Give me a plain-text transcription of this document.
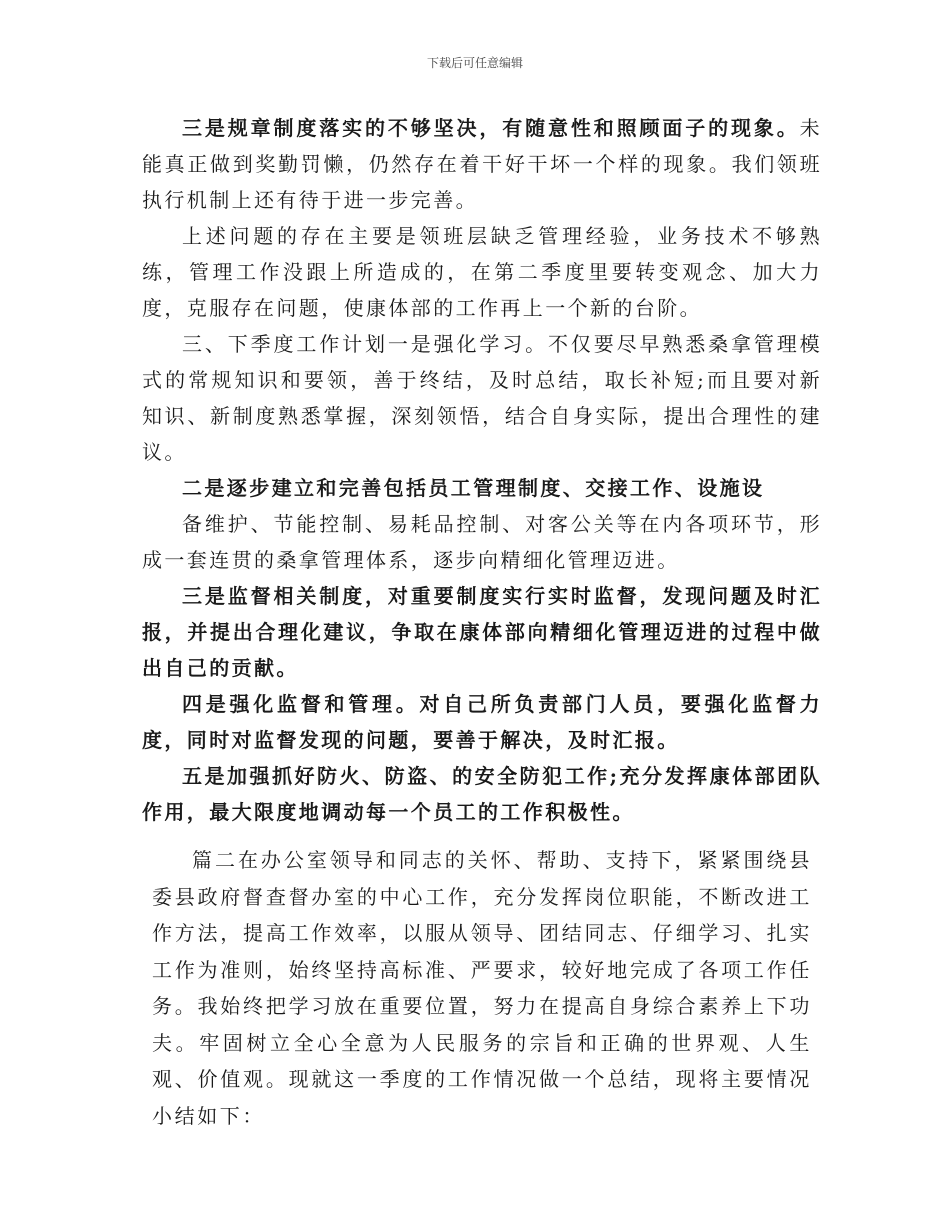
下载后可任意编辑

三是规章制度落实的不够坚决，有随意性和照顾面子的现象。未能真正做到奖勤罚懒，仍然存在着干好干坏一个样的现象。我们领班执行机制上还有待于进一步完善。

上述问题的存在主要是领班层缺乏管理经验，业务技术不够熟练，管理工作没跟上所造成的，在第二季度里要转变观念、加大力度，克服存在问题，使康体部的工作再上一个新的台阶。

三、下季度工作计划一是强化学习。不仅要尽早熟悉桑拿管理模式的常规知识和要领，善于终结，及时总结，取长补短;而且要对新知识、新制度熟悉掌握，深刻领悟，结合自身实际，提出合理性的建议。

二是逐步建立和完善包括员工管理制度、交接工作、设施设

备维护、节能控制、易耗品控制、对客公关等在内各项环节，形成一套连贯的桑拿管理体系，逐步向精细化管理迈进。

三是监督相关制度，对重要制度实行实时监督，发现问题及时汇报，并提出合理化建议，争取在康体部向精细化管理迈进的过程中做出自己的贡献。

四是强化监督和管理。对自己所负责部门人员，要强化监督力度，同时对监督发现的问题，要善于解决，及时汇报。

五是加强抓好防火、防盗、的安全防犯工作;充分发挥康体部团队作用，最大限度地调动每一个员工的工作积极性。

篇二在办公室领导和同志的关怀、帮助、支持下，紧紧围绕县委县政府督查督办室的中心工作，充分发挥岗位职能，不断改进工作方法，提高工作效率，以服从领导、团结同志、仔细学习、扎实工作为准则，始终坚持高标准、严要求，较好地完成了各项工作任务。我始终把学习放在重要位置，努力在提高自身综合素养上下功夫。牢固树立全心全意为人民服务的宗旨和正确的世界观、人生观、价值观。现就这一季度的工作情况做一个总结，现将主要情况小结如下：
